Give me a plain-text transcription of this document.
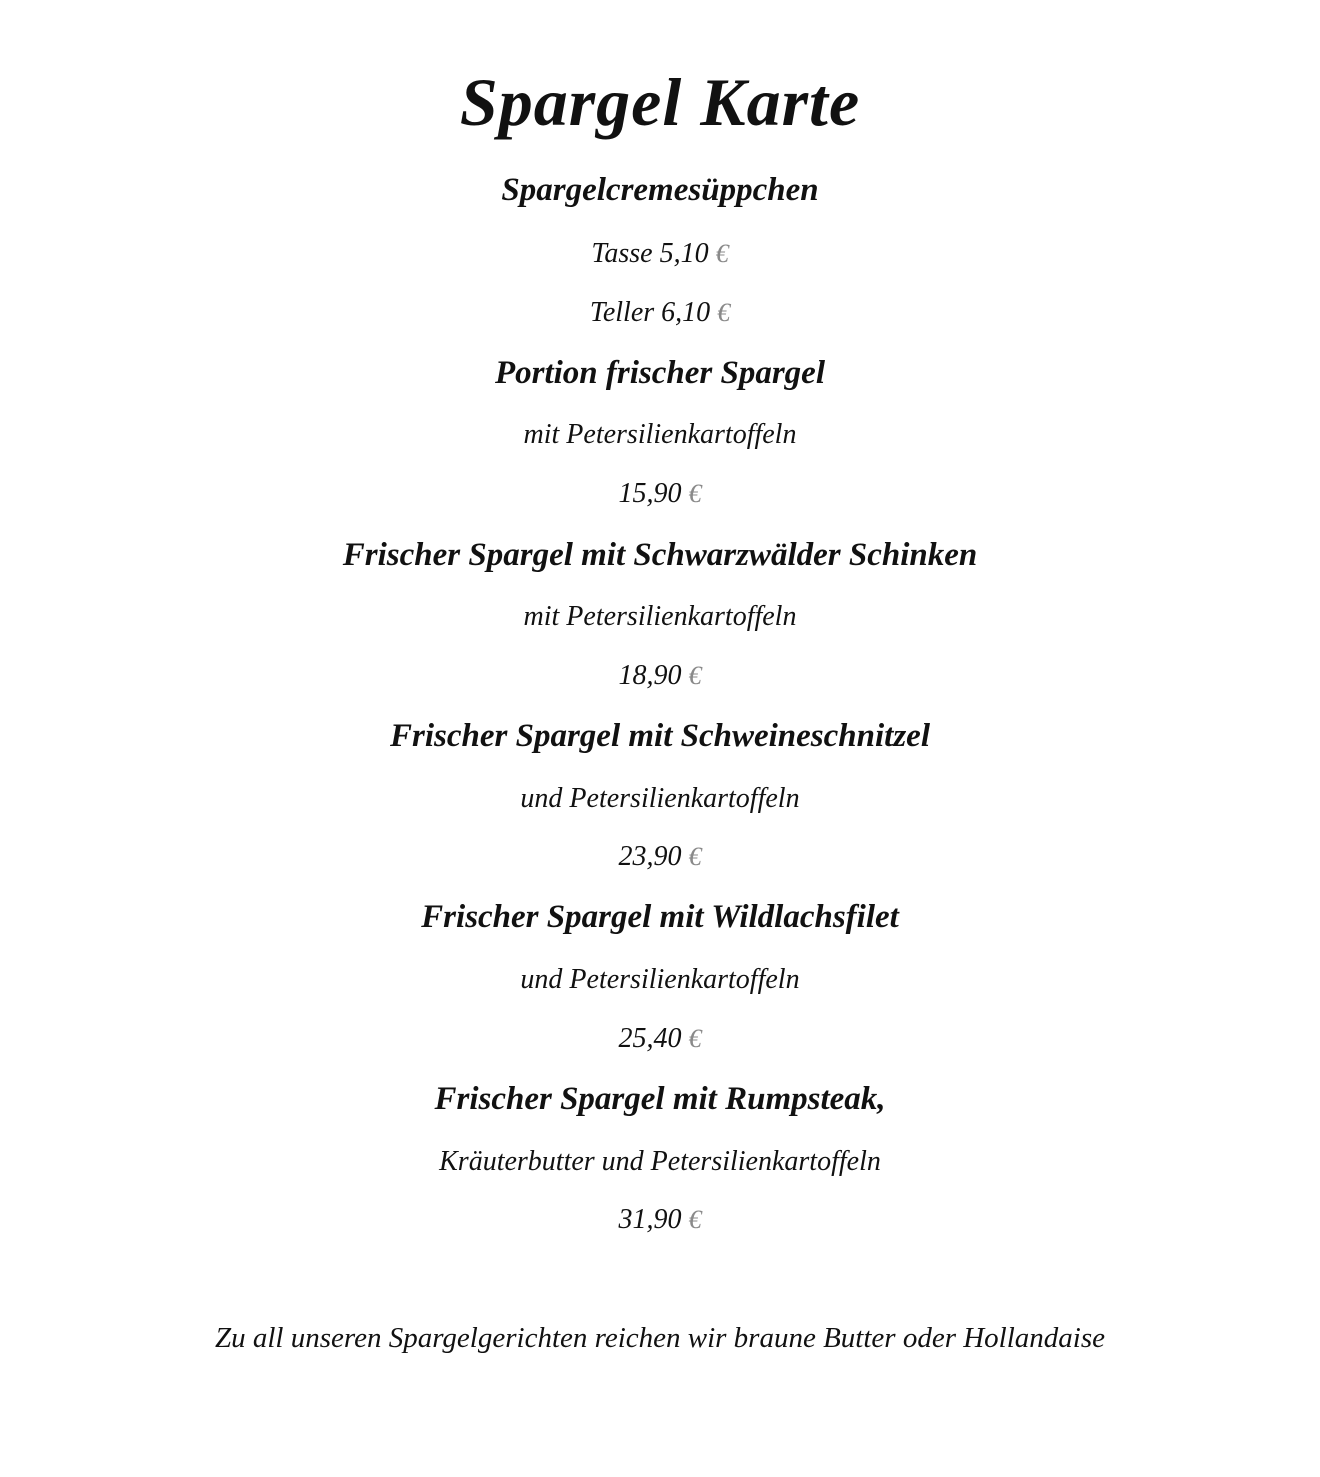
Spargel Karte
Spargelcremesüppchen
Tasse 5,10 €
Teller 6,10 €
Portion frischer Spargel
mit Petersilienkartoffeln
15,90 €
Frischer Spargel mit Schwarzwälder Schinken
mit Petersilienkartoffeln
18,90 €
Frischer Spargel mit Schweineschnitzel
und Petersilienkartoffeln
23,90 €
Frischer Spargel mit Wildlachsfilet
und Petersilienkartoffeln
25,40 €
Frischer Spargel mit Rumpsteak,
Kräuterbutter und Petersilienkartoffeln
31,90 €
Zu all unseren Spargelgerichten reichen wir braune Butter oder Hollandaise
